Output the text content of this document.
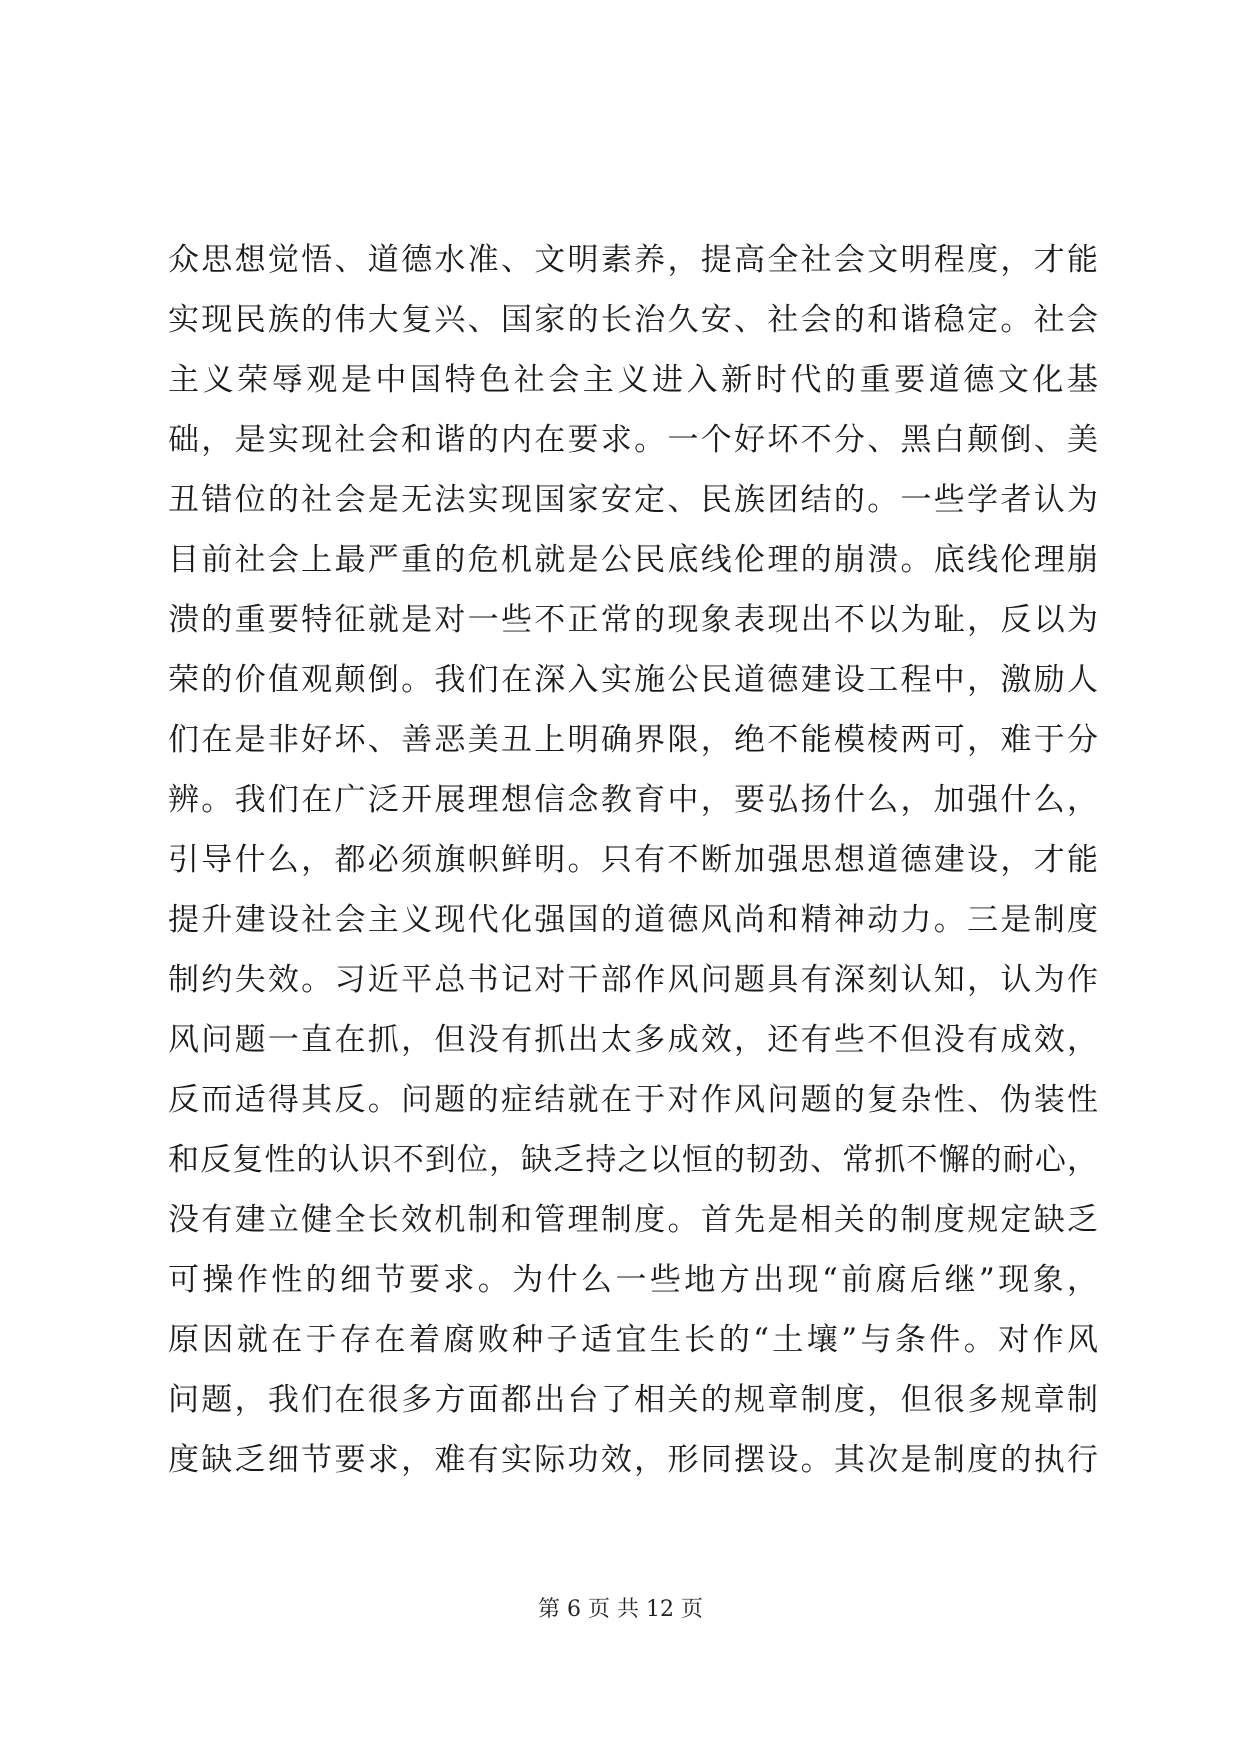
众思想觉悟、道德水准、文明素养，提高全社会文明程度，才能
实现民族的伟大复兴、国家的长治久安、社会的和谐稳定。社会
主义荣辱观是中国特色社会主义进入新时代的重要道德文化基
础，是实现社会和谐的内在要求。一个好坏不分、黑白颠倒、美
丑错位的社会是无法实现国家安定、民族团结的。一些学者认为
目前社会上最严重的危机就是公民底线伦理的崩溃。底线伦理崩
溃的重要特征就是对一些不正常的现象表现出不以为耻，反以为
荣的价值观颠倒。我们在深入实施公民道德建设工程中，激励人
们在是非好坏、善恶美丑上明确界限，绝不能模棱两可，难于分
辨。我们在广泛开展理想信念教育中，要弘扬什么，加强什么，
引导什么，都必须旗帜鲜明。只有不断加强思想道德建设，才能
提升建设社会主义现代化强国的道德风尚和精神动力。三是制度
制约失效。习近平总书记对干部作风问题具有深刻认知，认为作
风问题一直在抓，但没有抓出太多成效，还有些不但没有成效，
反而适得其反。问题的症结就在于对作风问题的复杂性、伪装性
和反复性的认识不到位，缺乏持之以恒的韧劲、常抓不懈的耐心，
没有建立健全长效机制和管理制度。首先是相关的制度规定缺乏
可操作性的细节要求。为什么一些地方出现“前腐后继”现象，
原因就在于存在着腐败种子适宜生长的“土壤”与条件。对作风
问题，我们在很多方面都出台了相关的规章制度，但很多规章制
度缺乏细节要求，难有实际功效，形同摆设。其次是制度的执行
第 6 页 共 12 页
